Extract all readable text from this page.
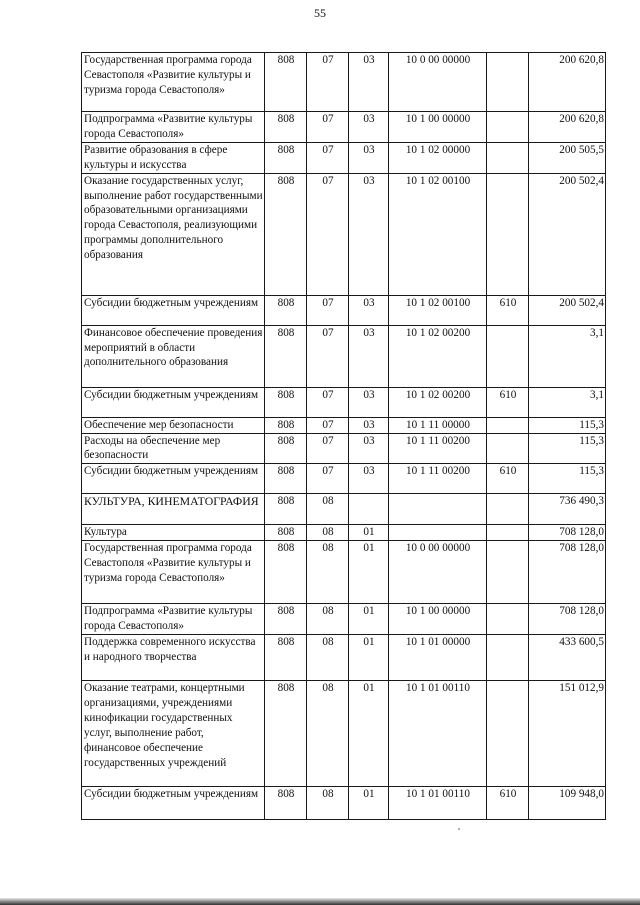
55
Государственная программа города Севастополя «Развитие культуры и туризма города Севастополя»	808	07	03	10 0 00 00000		200 620,8
Подпрограмма «Развитие культуры города Севастополя»	808	07	03	10 1 00 00000		200 620,8
Развитие образования в сфере культуры и искусства	808	07	03	10 1 02 00000		200 505,5
Оказание государственных услуг, выполнение работ государственными образовательными организациями города Севастополя, реализующими программы дополнительного образования	808	07	03	10 1 02 00100		200 502,4
Субсидии бюджетным учреждениям	808	07	03	10 1 02 00100	610	200 502,4
Финансовое обеспечение проведения мероприятий в области дополнительного образования	808	07	03	10 1 02 00200		3,1
Субсидии бюджетным учреждениям	808	07	03	10 1 02 00200	610	3,1
Обеспечение мер безопасности	808	07	03	10 1 11 00000		115,3
Расходы на обеспечение мер безопасности	808	07	03	10 1 11 00200		115,3
Субсидии бюджетным учреждениям	808	07	03	10 1 11 00200	610	115,3
КУЛЬТУРА, КИНЕМАТОГРАФИЯ	808	08				736 490,3
Культура	808	08	01			708 128,0
Государственная программа города Севастополя «Развитие культуры и туризма города Севастополя»	808	08	01	10 0 00 00000		708 128,0
Подпрограмма «Развитие культуры города Севастополя»	808	08	01	10 1 00 00000		708 128,0
Поддержка современного искусства и народного творчества	808	08	01	10 1 01 00000		433 600,5
Оказание театрами, концертными организациями, учреждениями кинофикации государственных услуг, выполнение работ, финансовое обеспечение государственных учреждений	808	08	01	10 1 01 00110		151 012,9
Субсидии бюджетным учреждениям	808	08	01	10 1 01 00110	610	109 948,0
